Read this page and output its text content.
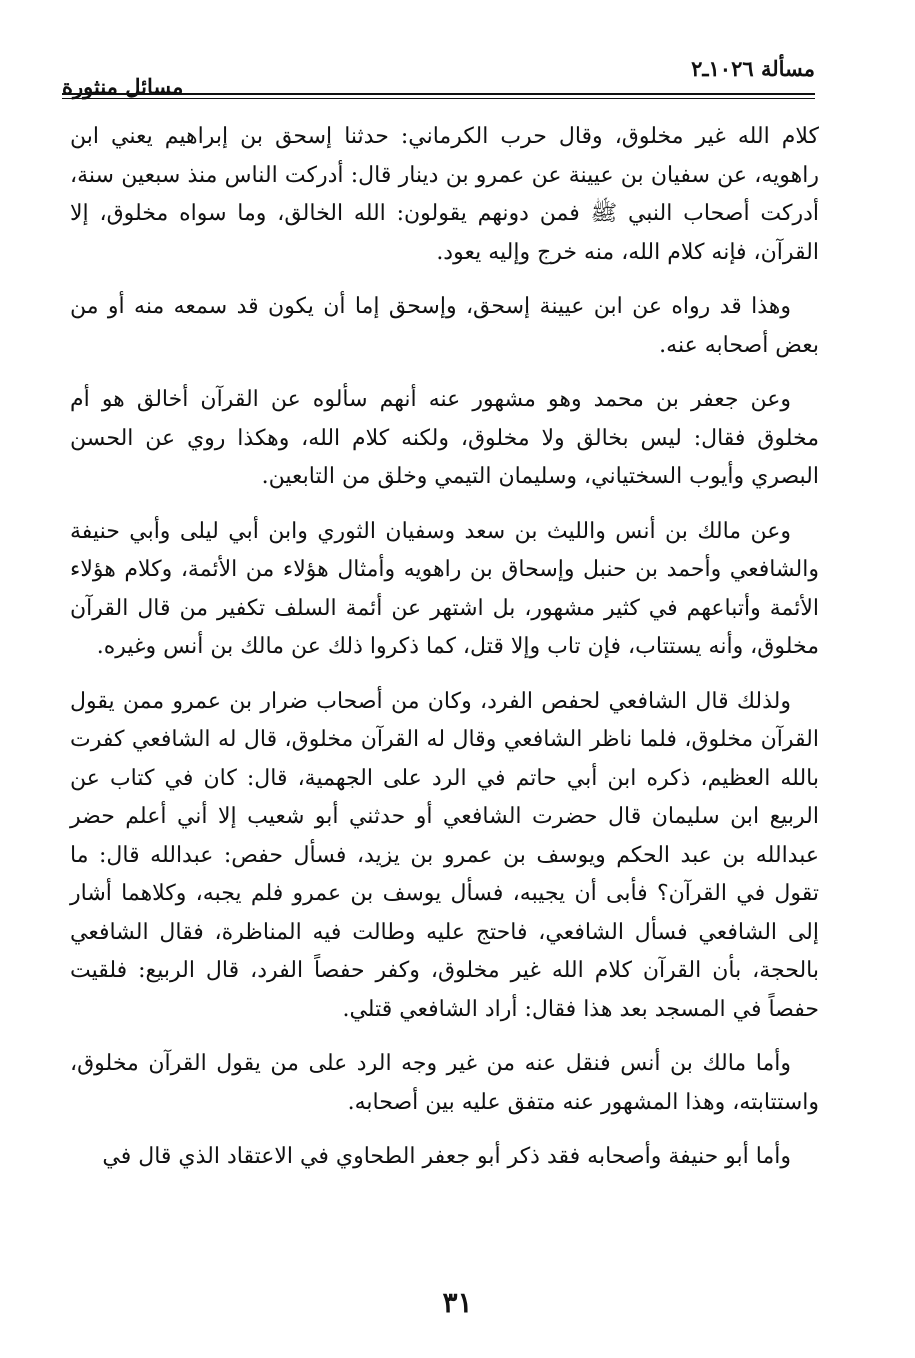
مسألة ١٠٢٦ـ٢
مسائل منثورة

كلام الله غير مخلوق، وقال حرب الكرماني: حدثنا إسحق بن إبراهيم يعني ابن راهويه، عن سفيان بن عيينة عن عمرو بن دينار قال: أدركت الناس منذ سبعين سنة، أدركت أصحاب النبي ﷺ فمن دونهم يقولون: الله الخالق، وما سواه مخلوق، إلا القرآن، فإنه كلام الله، منه خرج وإليه يعود.

وهذا قد رواه عن ابن عيينة إسحق، وإسحق إما أن يكون قد سمعه منه أو من بعض أصحابه عنه.

وعن جعفر بن محمد وهو مشهور عنه أنهم سألوه عن القرآن أخالق هو أم مخلوق فقال: ليس بخالق ولا مخلوق، ولكنه كلام الله، وهكذا روي عن الحسن البصري وأيوب السختياني، وسليمان التيمي وخلق من التابعين.

وعن مالك بن أنس والليث بن سعد وسفيان الثوري وابن أبي ليلى وأبي حنيفة والشافعي وأحمد بن حنبل وإسحاق بن راهويه وأمثال هؤلاء من الأئمة، وكلام هؤلاء الأئمة وأتباعهم في كثير مشهور، بل اشتهر عن أئمة السلف تكفير من قال القرآن مخلوق، وأنه يستتاب، فإن تاب وإلا قتل، كما ذكروا ذلك عن مالك بن أنس وغيره.

ولذلك قال الشافعي لحفص الفرد، وكان من أصحاب ضرار بن عمرو ممن يقول القرآن مخلوق، فلما ناظر الشافعي وقال له القرآن مخلوق، قال له الشافعي كفرت بالله العظيم، ذكره ابن أبي حاتم في الرد على الجهمية، قال: كان في كتاب عن الربيع ابن سليمان قال حضرت الشافعي أو حدثني أبو شعيب إلا أني أعلم حضر عبدالله بن عبد الحكم ويوسف بن عمرو بن يزيد، فسأل حفص: عبدالله قال: ما تقول في القرآن؟ فأبى أن يجيبه، فسأل يوسف بن عمرو فلم يجبه، وكلاهما أشار إلى الشافعي فسأل الشافعي، فاحتج عليه وطالت فيه المناظرة، فقال الشافعي بالحجة، بأن القرآن كلام الله غير مخلوق، وكفر حفصاً الفرد، قال الربيع: فلقيت حفصاً في المسجد بعد هذا فقال: أراد الشافعي قتلي.

وأما مالك بن أنس فنقل عنه من غير وجه الرد على من يقول القرآن مخلوق، واستتابته، وهذا المشهور عنه متفق عليه بين أصحابه.

وأما أبو حنيفة وأصحابه فقد ذكر أبو جعفر الطحاوي في الاعتقاد الذي قال في

٣١
